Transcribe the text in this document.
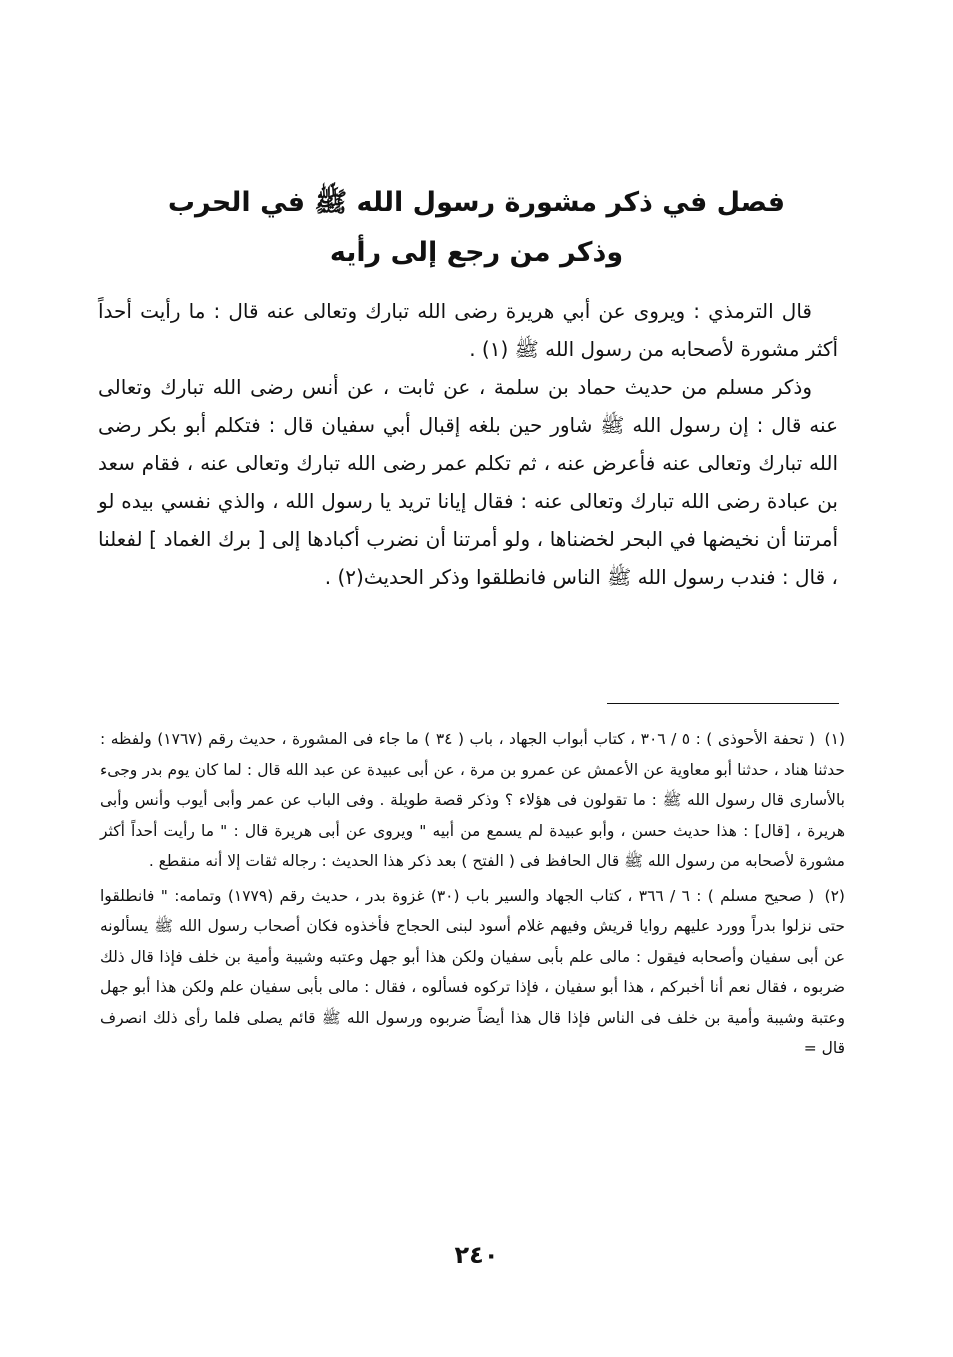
فصل في ذكر مشورة رسول الله ﷺ في الحرب
وذكر من رجع إلى رأيه

قال الترمذي : ويروى عن أبي هريرة رضى الله تبارك وتعالى عنه قال : ما رأيت أحداً أكثر مشورة لأصحابه من رسول الله ﷺ (١) .

وذكر مسلم من حديث حماد بن سلمة ، عن ثابت ، عن أنس رضى الله تبارك وتعالى عنه قال : إن رسول الله ﷺ شاور حين بلغه إقبال أبي سفيان قال : فتكلم أبو بكر رضى الله تبارك وتعالى عنه فأعرض عنه ، ثم تكلم عمر رضى الله تبارك وتعالى عنه ، فقام سعد بن عبادة رضى الله تبارك وتعالى عنه : فقال إيانا تريد يا رسول الله ، والذي نفسي بيده لو أمرتنا أن نخيضها في البحر لخضناها ، ولو أمرتنا أن نضرب أكبادها إلى [ برك الغماد ] لفعلنا ، قال : فندب رسول الله ﷺ الناس فانطلقوا وذكر الحديث(٢) .

(١) ( تحفة الأحوذى ) : ٥ / ٣٠٦ ، كتاب أبواب الجهاد ، باب ( ٣٤ ) ما جاء فى المشورة ، حديث رقم (١٧٦٧) ولفظه : حدثنا هناد ، حدثنا أبو معاوية عن الأعمش عن عمرو بن مرة ، عن أبى عبيدة عن عبد الله قال : لما كان يوم بدر وجىء بالأسارى قال رسول الله ﷺ : ما تقولون فى هؤلاء ؟ وذكر قصة طويلة . وفى الباب عن عمر وأبى أيوب وأنس وأبى هريرة ، [قال] : هذا حديث حسن ، وأبو عبيدة لم يسمع من أبيه " ويروى عن أبى هريرة قال : " ما رأيت أحداً أكثر مشورة لأصحابه من رسول الله ﷺ قال الحافظ فى ( الفتح ) بعد ذكر هذا الحديث : رجاله ثقات إلا أنه منقطع .

(٢) ( صحيح مسلم ) : ٦ / ٣٦٦ ، كتاب الجهاد والسير باب (٣٠) غزوة بدر ، حديث رقم (١٧٧٩) وتمامه: " فانطلقوا حتى نزلوا بدراً وورد عليهم روايا قريش وفيهم غلام أسود لبنى الحجاج فأخذوه فكان أصحاب رسول الله ﷺ يسألونه عن أبى سفيان وأصحابه فيقول : مالى علم بأبى سفيان ولكن هذا أبو جهل وعتبه وشيبة وأمية بن خلف فإذا قال ذلك ضربوه ، فقال نعم أنا أخبركم ، هذا أبو سفيان ، فإذا تركوه فسألوه ، فقال : مالى بأبى سفيان علم ولكن هذا أبو جهل وعتبة وشيبة وأمية بن خلف فى الناس فإذا قال هذا أيضاً ضربوه ورسول الله ﷺ قائم يصلى فلما رأى ذلك انصرف قال =

٢٤٠
